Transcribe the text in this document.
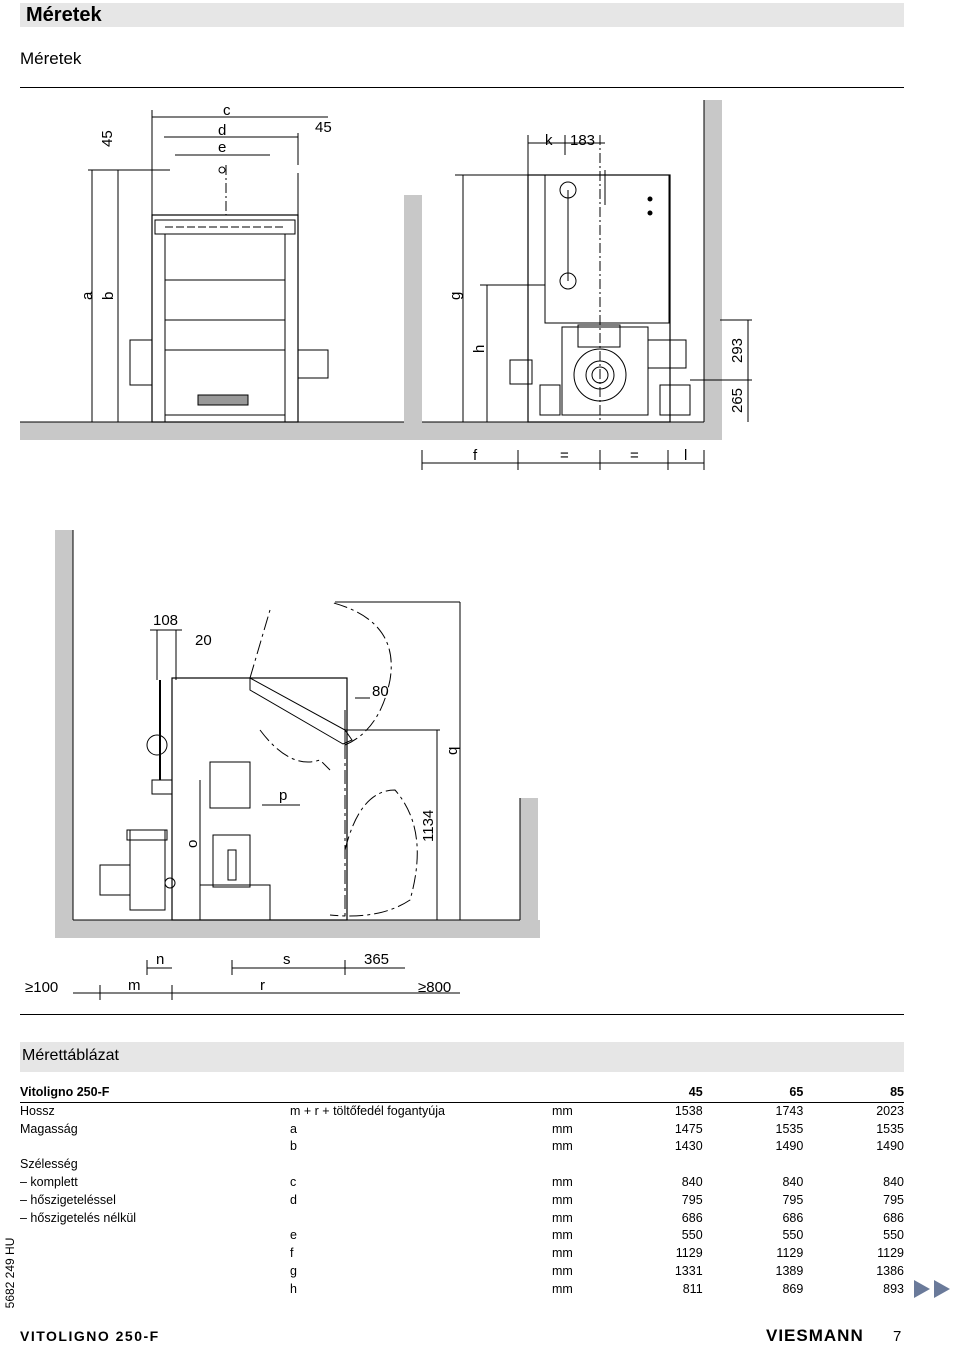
Méretek
Méretek
c
d
e
45
45
a b
k 183
g
h	293
265
f	=	=	l
108
20
80
q
p
1134
o
≥100	m
n	s	365
r	≥800
Mérettáblázat
Vitoligno 250-F			45	65	85
Hossz	m + r + töltőfedél fogantyúja	mm	1538	1743	2023
Magasság	a	mm	1475	1535	1535
	b	mm	1430	1490	1490
Szélesség					
– komplett	c	mm	840	840	840
– hőszigeteléssel	d	mm	795	795	795
– hőszigetelés nélkül		mm	686	686	686
	e	mm	550	550	550
	f	mm	1129	1129	1129
	g	mm	1331	1389	1386
	h	mm	811	869	893
5682 249 HU
VITOLIGNO 250-F	VIESMANN 7
